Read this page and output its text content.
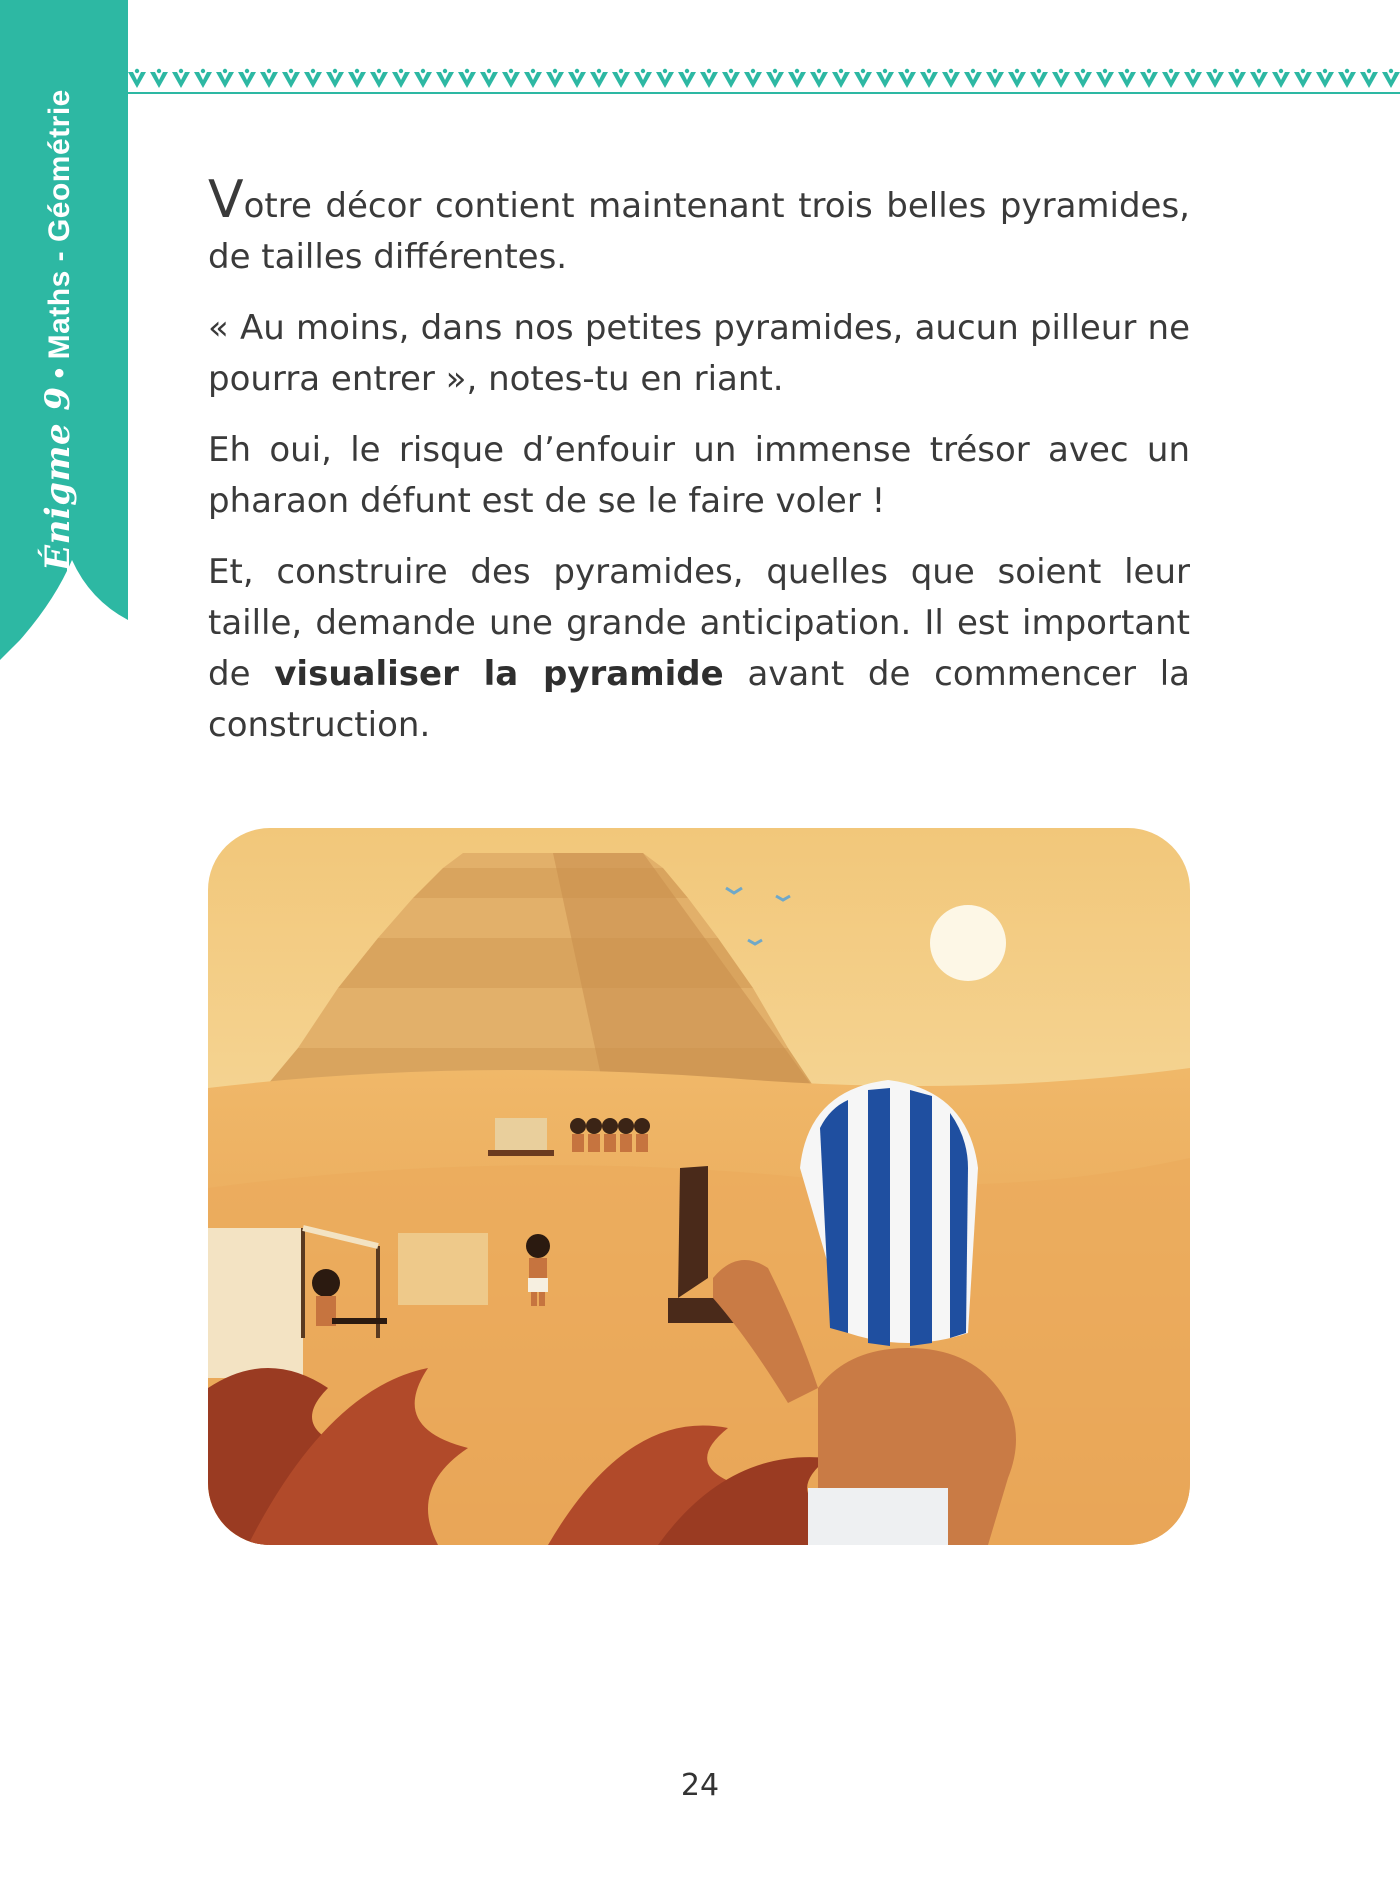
Énigme 9•Maths - Géométrie	Votre décor contient maintenant trois belles pyramides, de tailles différentes.

« Au moins, dans nos petites pyramides, aucun pilleur ne pourra entrer », notes-tu en riant.

Eh oui, le risque d’enfouir un immense trésor avec un pharaon défunt est de se le faire voler !

Et, construire des pyramides, quelles que soient leur taille, demande une grande anticipation. Il est important de visualiser la pyramide avant de commencer la construction.

24
